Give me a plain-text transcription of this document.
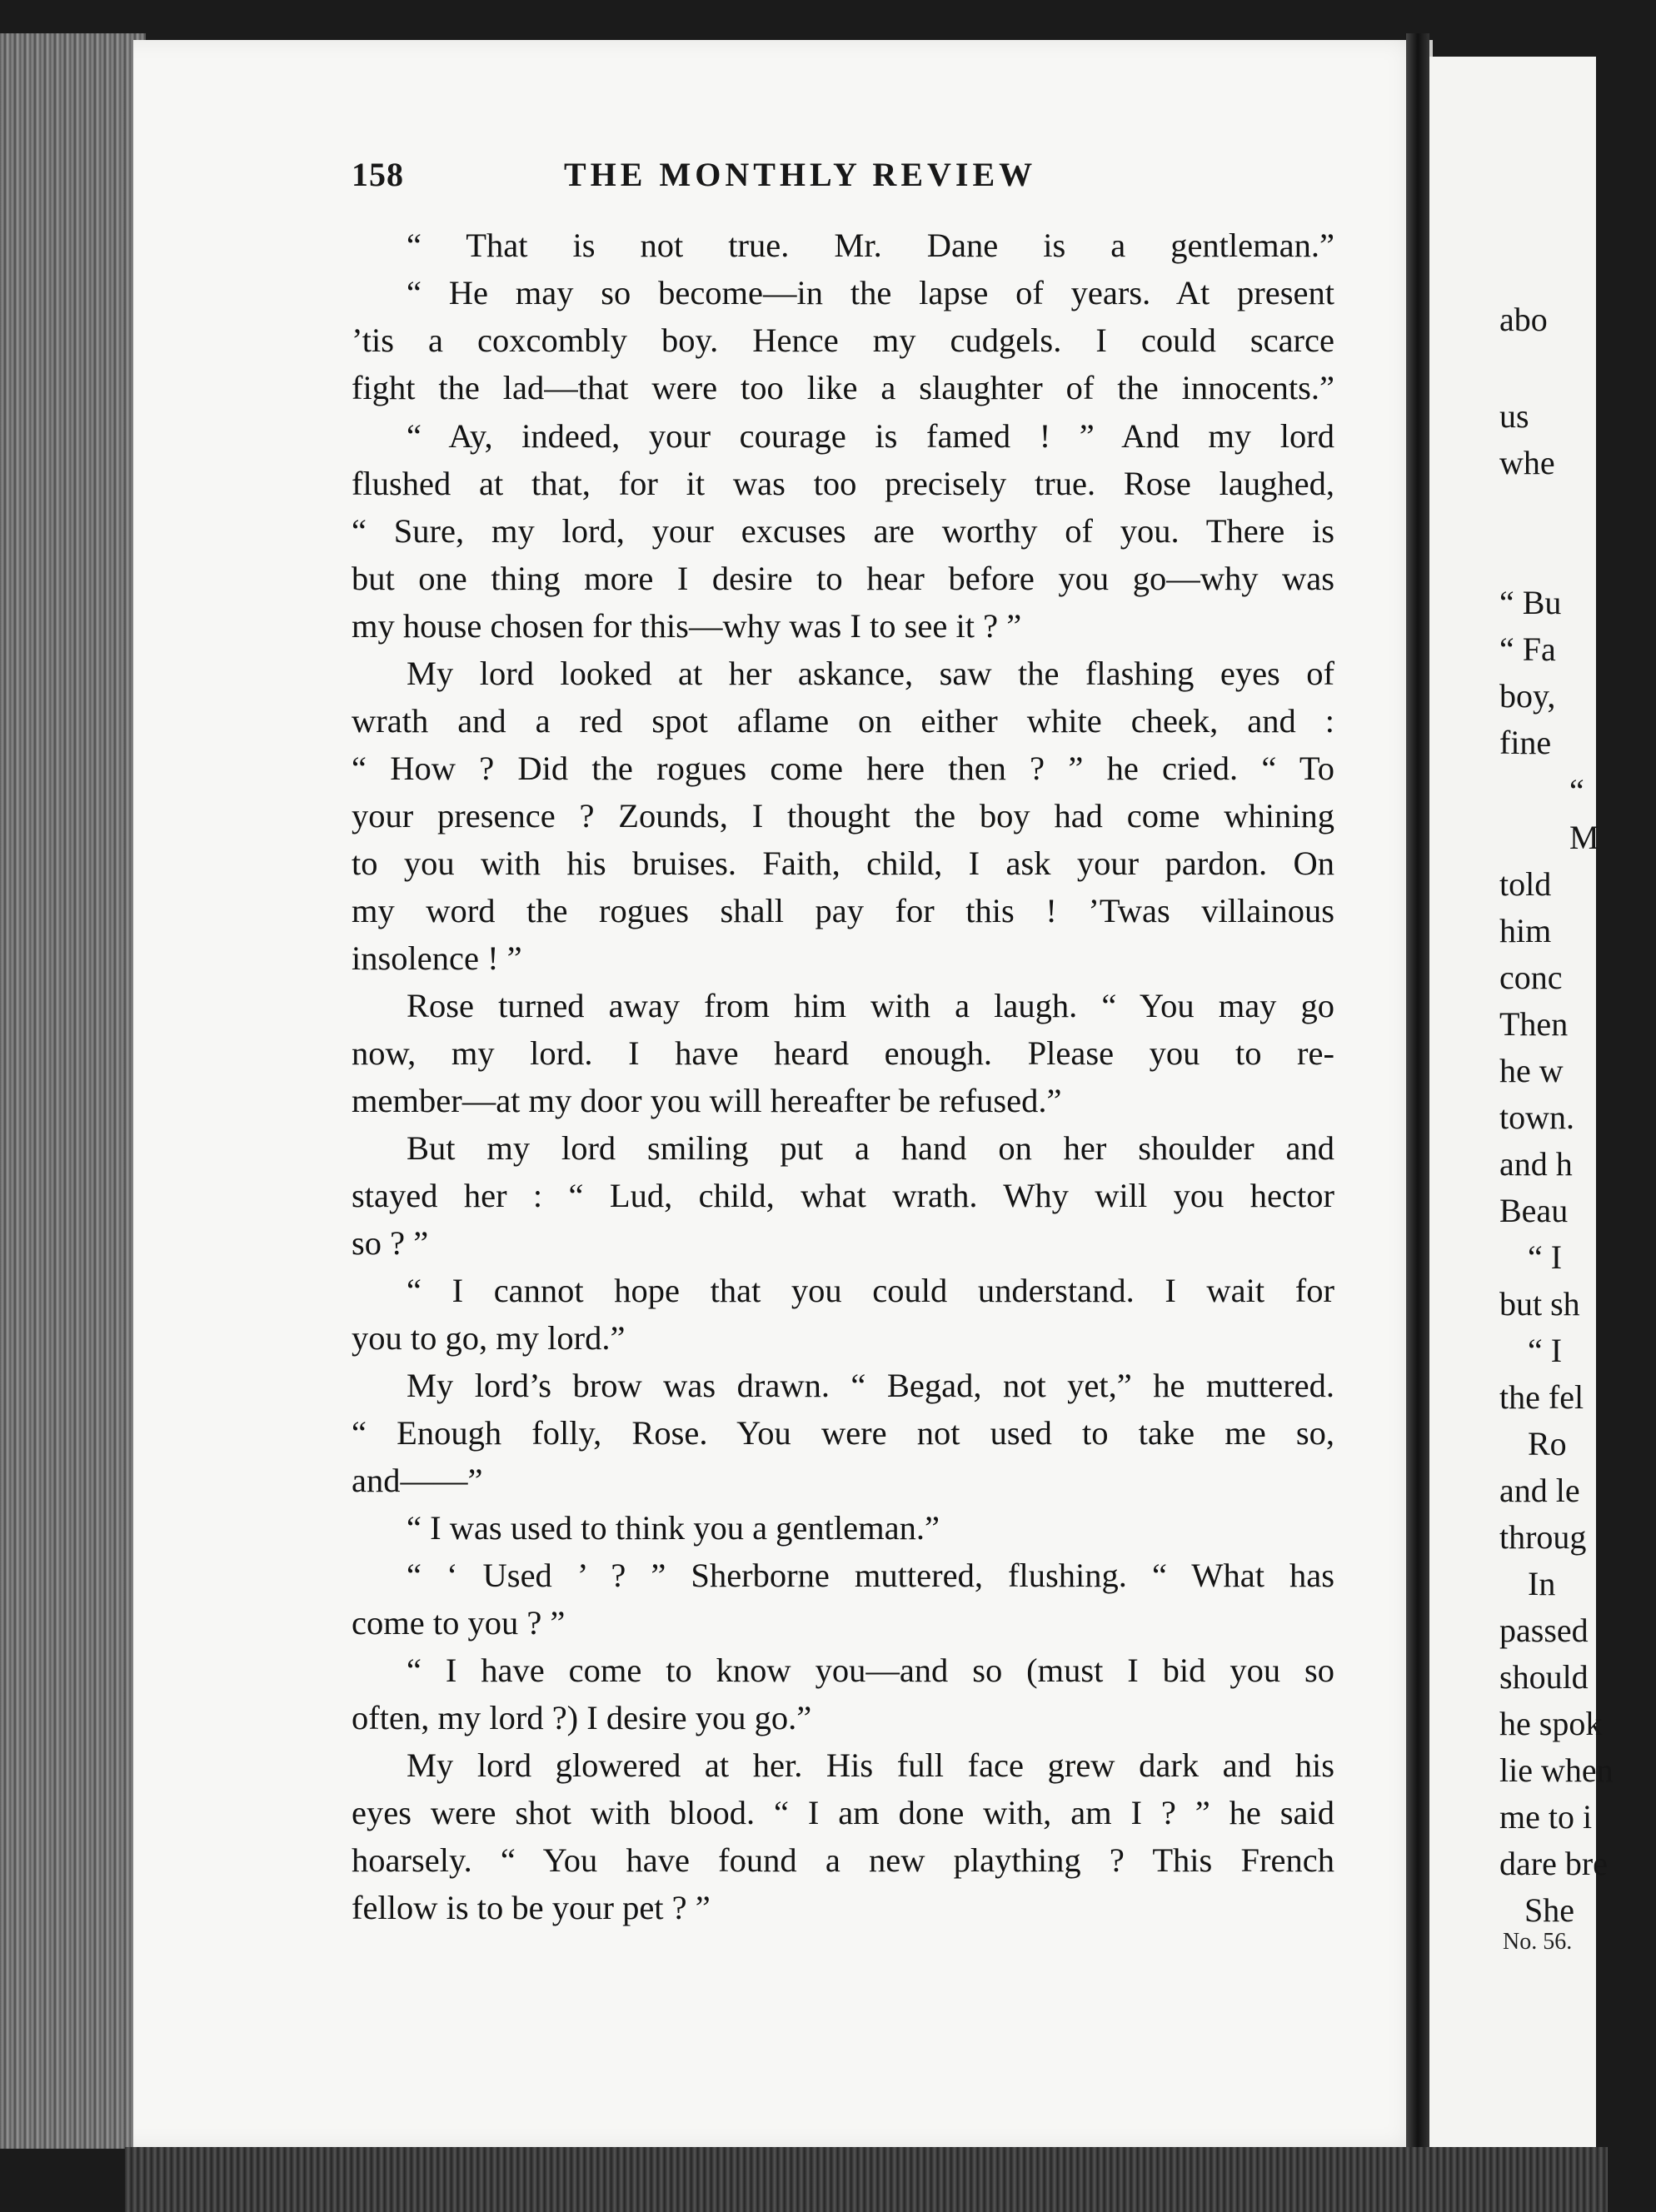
158	THE MONTHLY REVIEW
“ That is not true. Mr. Dane is a gentleman.”
“ He may so become—in the lapse of years. At present
’tis a coxcombly boy. Hence my cudgels. I could scarce
fight the lad—that were too like a slaughter of the innocents.”
“ Ay, indeed, your courage is famed ! ” And my lord
flushed at that, for it was too precisely true. Rose laughed,
“ Sure, my lord, your excuses are worthy of you. There is
but one thing more I desire to hear before you go—why was
my house chosen for this—why was I to see it ? ”
My lord looked at her askance, saw the flashing eyes of
wrath and a red spot aflame on either white cheek, and :
“ How ? Did the rogues come here then ? ” he cried. “ To
your presence ? Zounds, I thought the boy had come whining
to you with his bruises. Faith, child, I ask your pardon. On
my word the rogues shall pay for this ! ’Twas villainous
insolence ! ”
Rose turned away from him with a laugh. “ You may go
now, my lord. I have heard enough. Please you to re-
member—at my door you will hereafter be refused.”
But my lord smiling put a hand on her shoulder and
stayed her : “ Lud, child, what wrath. Why will you hector
so ? ”
“ I cannot hope that you could understand. I wait for
you to go, my lord.”
My lord’s brow was drawn. “ Begad, not yet,” he muttered.
“ Enough folly, Rose. You were not used to take me so,
and——”
“ I was used to think you a gentleman.”
“ ‘ Used ’ ? ” Sherborne muttered, flushing. “ What has
come to you ? ”
“ I have come to know you—and so (must I bid you so
often, my lord ?) I desire you go.”
My lord glowered at her. His full face grew dark and his
eyes were shot with blood. “ I am done with, am I ? ” he said
hoarsely. “ You have found a new plaything ? This French
fellow is to be your pet ? ”
abo
us
whe
“ Bu
“ Fa
boy,
fine
“
M
told
him
conc
Then
he w
town.
and h
Beau
“ I
but sh
“ I
the fel
Ro
and le
throug
In
passed
should
he spok
lie when
me to i
dare bre
She
No. 56.
